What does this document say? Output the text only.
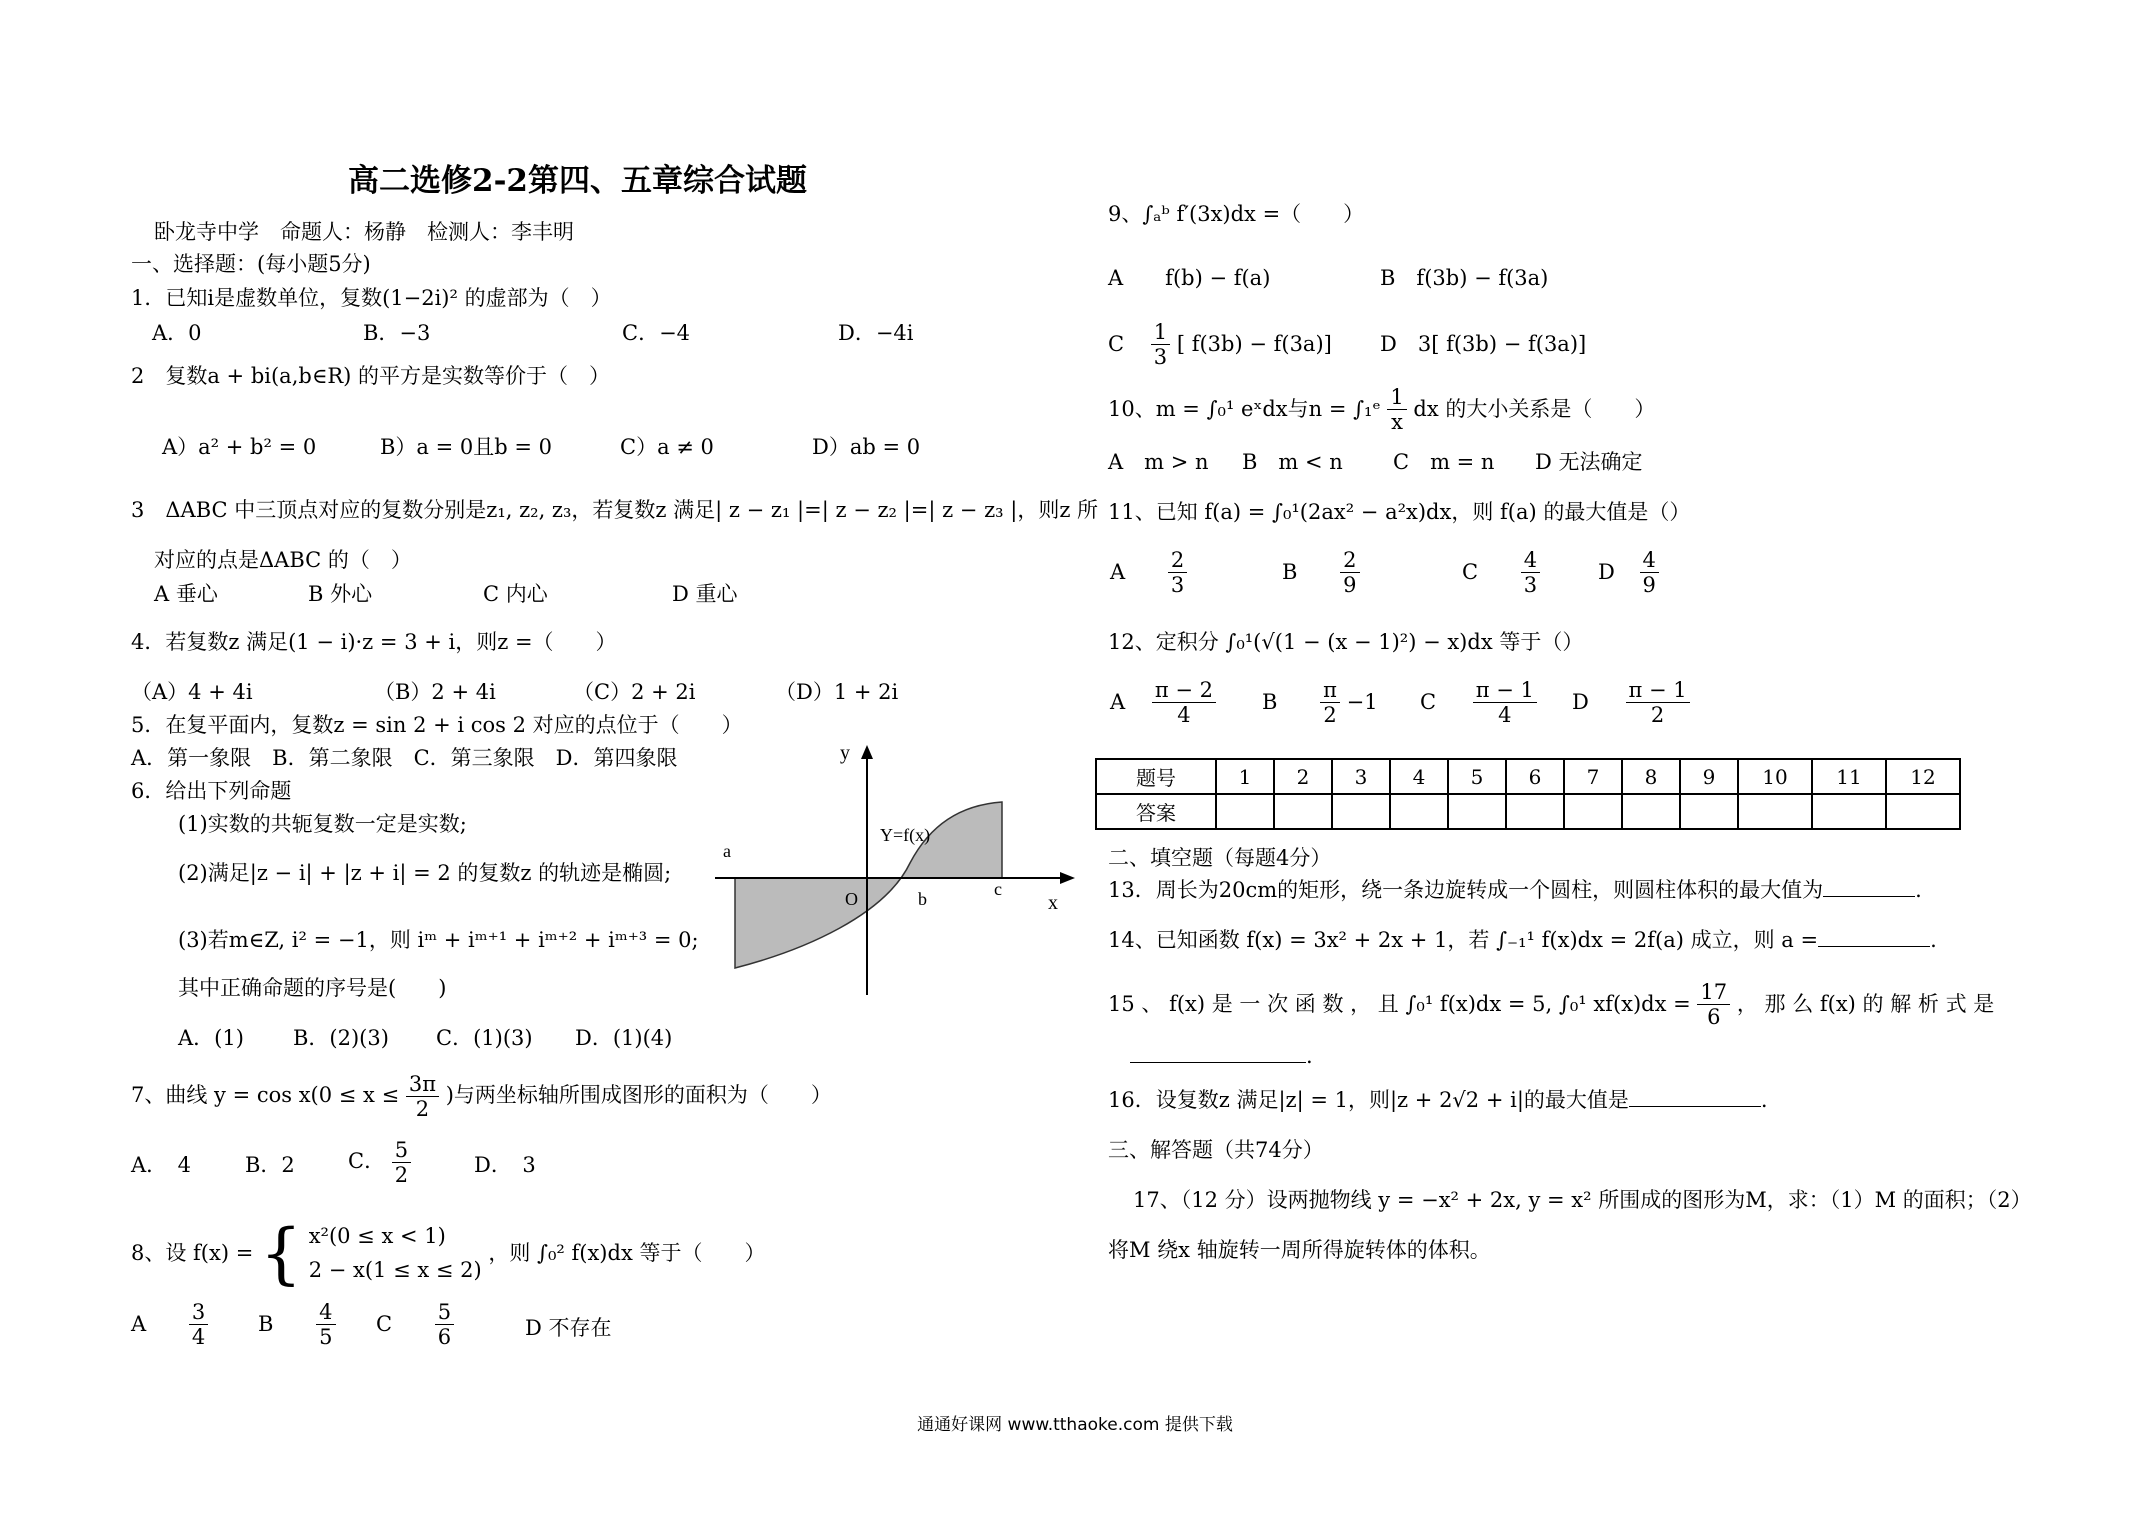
高二选修2-2第四、五章综合试题
卧龙寺中学　命题人：杨静　检测人：李丰明
一、选择题：(每小题5分)
1．已知i是虚数单位，复数(1−2i)² 的虚部为（　）
A．0	B．−3	C．−4	D．−4i
2　复数a + bi(a,b∈R) 的平方是实数等价于（　）
A）a² + b² = 0	B）a = 0且b = 0	C）a ≠ 0	D）ab = 0
3　ΔABC 中三顶点对应的复数分别是z₁, z₂, z₃，若复数z 满足| z − z₁ |=| z − z₂ |=| z − z₃ |，则z 所
对应的点是ΔABC 的（　）
A 垂心	B 外心	C 内心	D 重心
4．若复数z 满足(1 − i)·z = 3 + i，则z =（　　）
（A）4 + 4i	（B）2 + 4i	（C）2 + 2i	（D）1 + 2i
5．在复平面内，复数z = sin 2 + i cos 2 对应的点位于（　　）
A．第一象限　B．第二象限　C．第三象限　D．第四象限
6．给出下列命题
(1)实数的共轭复数一定是实数;
(2)满足|z − i| + |z + i| = 2 的复数z 的轨迹是椭圆;
(3)若m∈Z, i² = −1，则 iᵐ + iᵐ⁺¹ + iᵐ⁺² + iᵐ⁺³ = 0;
其中正确命题的序号是(　　)
A．(1) B．(2)(3) C．(1)(3) D．(1)(4)
y
x
a
O	b	c
Y=f(x)
7、曲线 $y = \cos x(0 \le x \le \frac{3\pi}{2}$ )与两坐标轴所围成图形的面积为（　　）
A．　4	B．2	C． $\frac{5}{2}$	D．　3
8、设 f(x) = { x²(0 ≤ x < 1)
2 − x(1 ≤ x ≤ 2)
，则 ∫₀² f(x)dx 等于（　　）
A $\frac{3}{4}$ B $\frac{4}{5}$ C $\frac{5}{6}$	D 不存在
9、∫ₐᵇ f′(3x)dx =（　　）
A　　f(b) − f(a)	B　f(3b) − f(3a)
C $\frac{1}{3}$ [ f(3b) − f(3a)] D　3[ f(3b) − f(3a)]
10、m = ∫₀¹ eˣdx与n = ∫₁ᵉ $\frac{1}{x}$ dx 的大小关系是（　　）
A　m > n B　m < n C　m = n D 无法确定
11、已知 f(a) = ∫₀¹(2ax² − a²x)dx，则 f(a) 的最大值是（）
A $\frac{2}{3}$	B $\frac{2}{9}$	C $\frac{4}{3}$	D $\frac{4}{9}$
12、定积分 ∫₀¹(√(1 − (x − 1)²) − x)dx 等于（）
A $\frac{\pi - 2}{4}$ B $\frac{\pi}{2} -1$ C $\frac{\pi - 1}{4}$ D $\frac{\pi - 1}{2}$
题号	1	2	3	4	5	6	7	8	9	10	11	12
答案												
二、填空题（每题4分）
13．周长为20cm的矩形，绕一条边旋转成一个圆柱，则圆柱体积的最大值为	.
14、已知函数 f(x) = 3x² + 2x + 1，若 ∫₋₁¹ f(x)dx = 2f(a) 成立，则 a =	.
15 、 f(x) 是 一 次 函 数 ， 且 ∫₀¹ f(x)dx = 5, ∫₀¹ $xf(x)dx = \frac{17}{6}$ ， 那 么 f(x) 的 解 析 式 是
.
16．设复数z 满足|z| = 1，则|z + 2√2 + i|的最大值是	.
三、解答题（共74分）
17、（12 分）设两抛物线 y = −x² + 2x, y = x² 所围成的图形为M，求：（1）M 的面积；（2）
将M 绕x 轴旋转一周所得旋转体的体积。
通通好课网 www.tthaoke.com 提供下载
